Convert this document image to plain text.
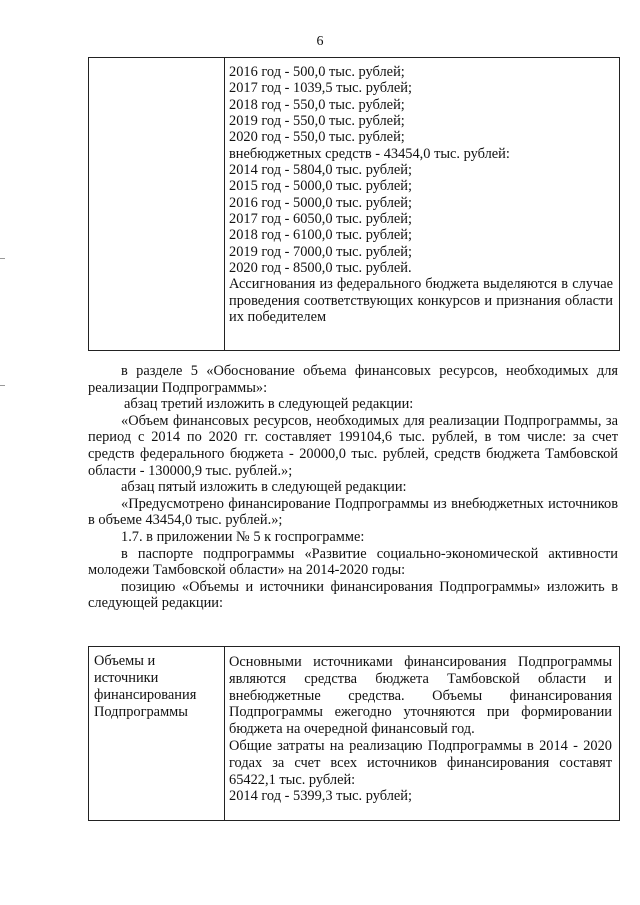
6
2016 год - 500,0 тыс. рублей;
2017 год - 1039,5 тыс. рублей;
2018 год - 550,0 тыс. рублей;
2019 год - 550,0 тыс. рублей;
2020 год - 550,0 тыс. рублей;
внебюджетных средств - 43454,0 тыс. рублей:
2014 год - 5804,0 тыс. рублей;
2015 год - 5000,0 тыс. рублей;
2016 год - 5000,0 тыс. рублей;
2017 год - 6050,0 тыс. рублей;
2018 год - 6100,0 тыс. рублей;
2019 год - 7000,0 тыс. рублей;
2020 год - 8500,0 тыс. рублей.
Ассигнования из федерального бюджета выделяются в случае проведения соответствующих конкурсов и признания области их победителем

в разделе 5 «Обоснование объема финансовых ресурсов, необходимых для реализации Подпрограммы»:

абзац третий изложить в следующей редакции:

«Объем финансовых ресурсов, необходимых для реализации Подпрограммы, за период с 2014 по 2020 гг. составляет 199104,6 тыс. рублей, в том числе: за счет средств федерального бюджета - 20000,0 тыс. рублей, средств бюджета Тамбовской области - 130000,9 тыс. рублей.»;

абзац пятый изложить в следующей редакции:

«Предусмотрено финансирование Подпрограммы из внебюджетных источников в объеме 43454,0 тыс. рублей.»;

1.7. в приложении № 5 к госпрограмме:

в паспорте подпрограммы «Развитие социально-экономической активности молодежи Тамбовской области» на 2014-2020 годы:

позицию «Объемы и источники финансирования Подпрограммы» изложить в следующей редакции:

Объемы и источники финансирования Подпрограммы

Основными источниками финансирования Подпрограммы являются средства бюджета Тамбовской области и внебюджетные средства. Объемы финансирования Подпрограммы ежегодно уточняются при формировании бюджета на очередной финансовый год.

Общие затраты на реализацию Подпрограммы в 2014 - 2020 годах за счет всех источников финансирования составят 65422,1 тыс. рублей:

2014 год - 5399,3 тыс. рублей;
